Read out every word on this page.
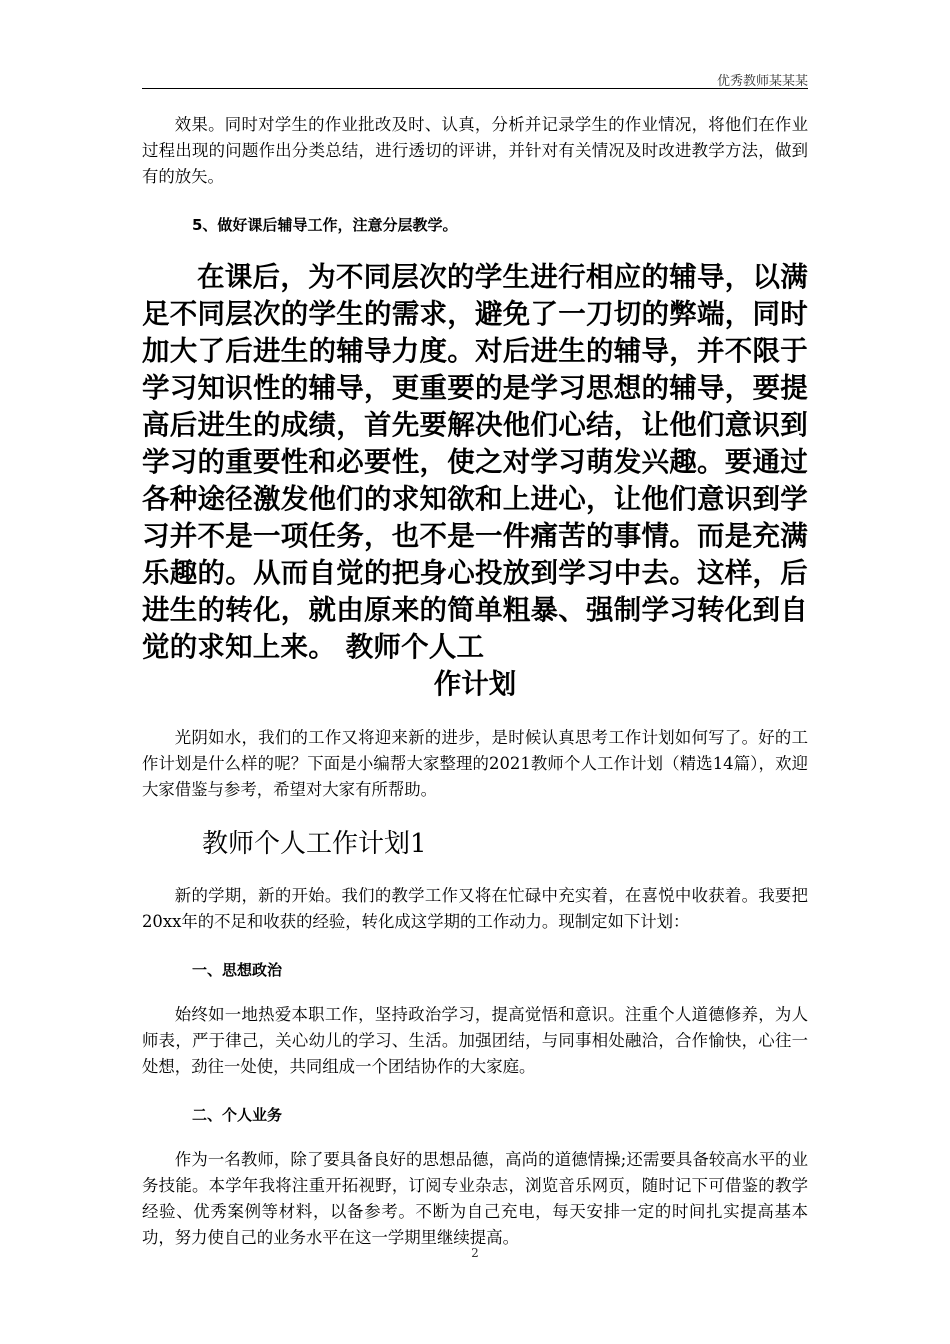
优秀教师某某某

效果。同时对学生的作业批改及时、认真，分析并记录学生的作业情况，将他们在作业过程出现的问题作出分类总结，进行透切的评讲，并针对有关情况及时改进教学方法，做到有的放矢。

5、做好课后辅导工作，注意分层教学。

在课后，为不同层次的学生进行相应的辅导，以满足不同层次的学生的需求，避免了一刀切的弊端，同时加大了后进生的辅导力度。对后进生的辅导，并不限于学习知识性的辅导，更重要的是学习思想的辅导，要提高后进生的成绩，首先要解决他们心结，让他们意识到学习的重要性和必要性，使之对学习萌发兴趣。要通过各种途径激发他们的求知欲和上进心，让他们意识到学习并不是一项任务，也不是一件痛苦的事情。而是充满乐趣的。从而自觉的把身心投放到学习中去。这样，后进生的转化，就由原来的简单粗暴、强制学习转化到自觉的求知上来。 教师个人工

作计划

光阴如水，我们的工作又将迎来新的进步，是时候认真思考工作计划如何写了。好的工作计划是什么样的呢？下面是小编帮大家整理的2021教师个人工作计划（精选14篇），欢迎大家借鉴与参考，希望对大家有所帮助。

教师个人工作计划1

新的学期，新的开始。我们的教学工作又将在忙碌中充实着，在喜悦中收获着。我要把20xx年的不足和收获的经验，转化成这学期的工作动力。现制定如下计划：

一、思想政治

始终如一地热爱本职工作，坚持政治学习，提高觉悟和意识。注重个人道德修养，为人师表，严于律己，关心幼儿的学习、生活。加强团结，与同事相处融洽，合作愉快，心往一处想，劲往一处使，共同组成一个团结协作的大家庭。

二、个人业务

作为一名教师，除了要具备良好的思想品德，高尚的道德情操;还需要具备较高水平的业务技能。本学年我将注重开拓视野，订阅专业杂志，浏览音乐网页，随时记下可借鉴的教学经验、优秀案例等材料，以备参考。不断为自己充电，每天安排一定的时间扎实提高基本功，努力使自己的业务水平在这一学期里继续提高。

2
